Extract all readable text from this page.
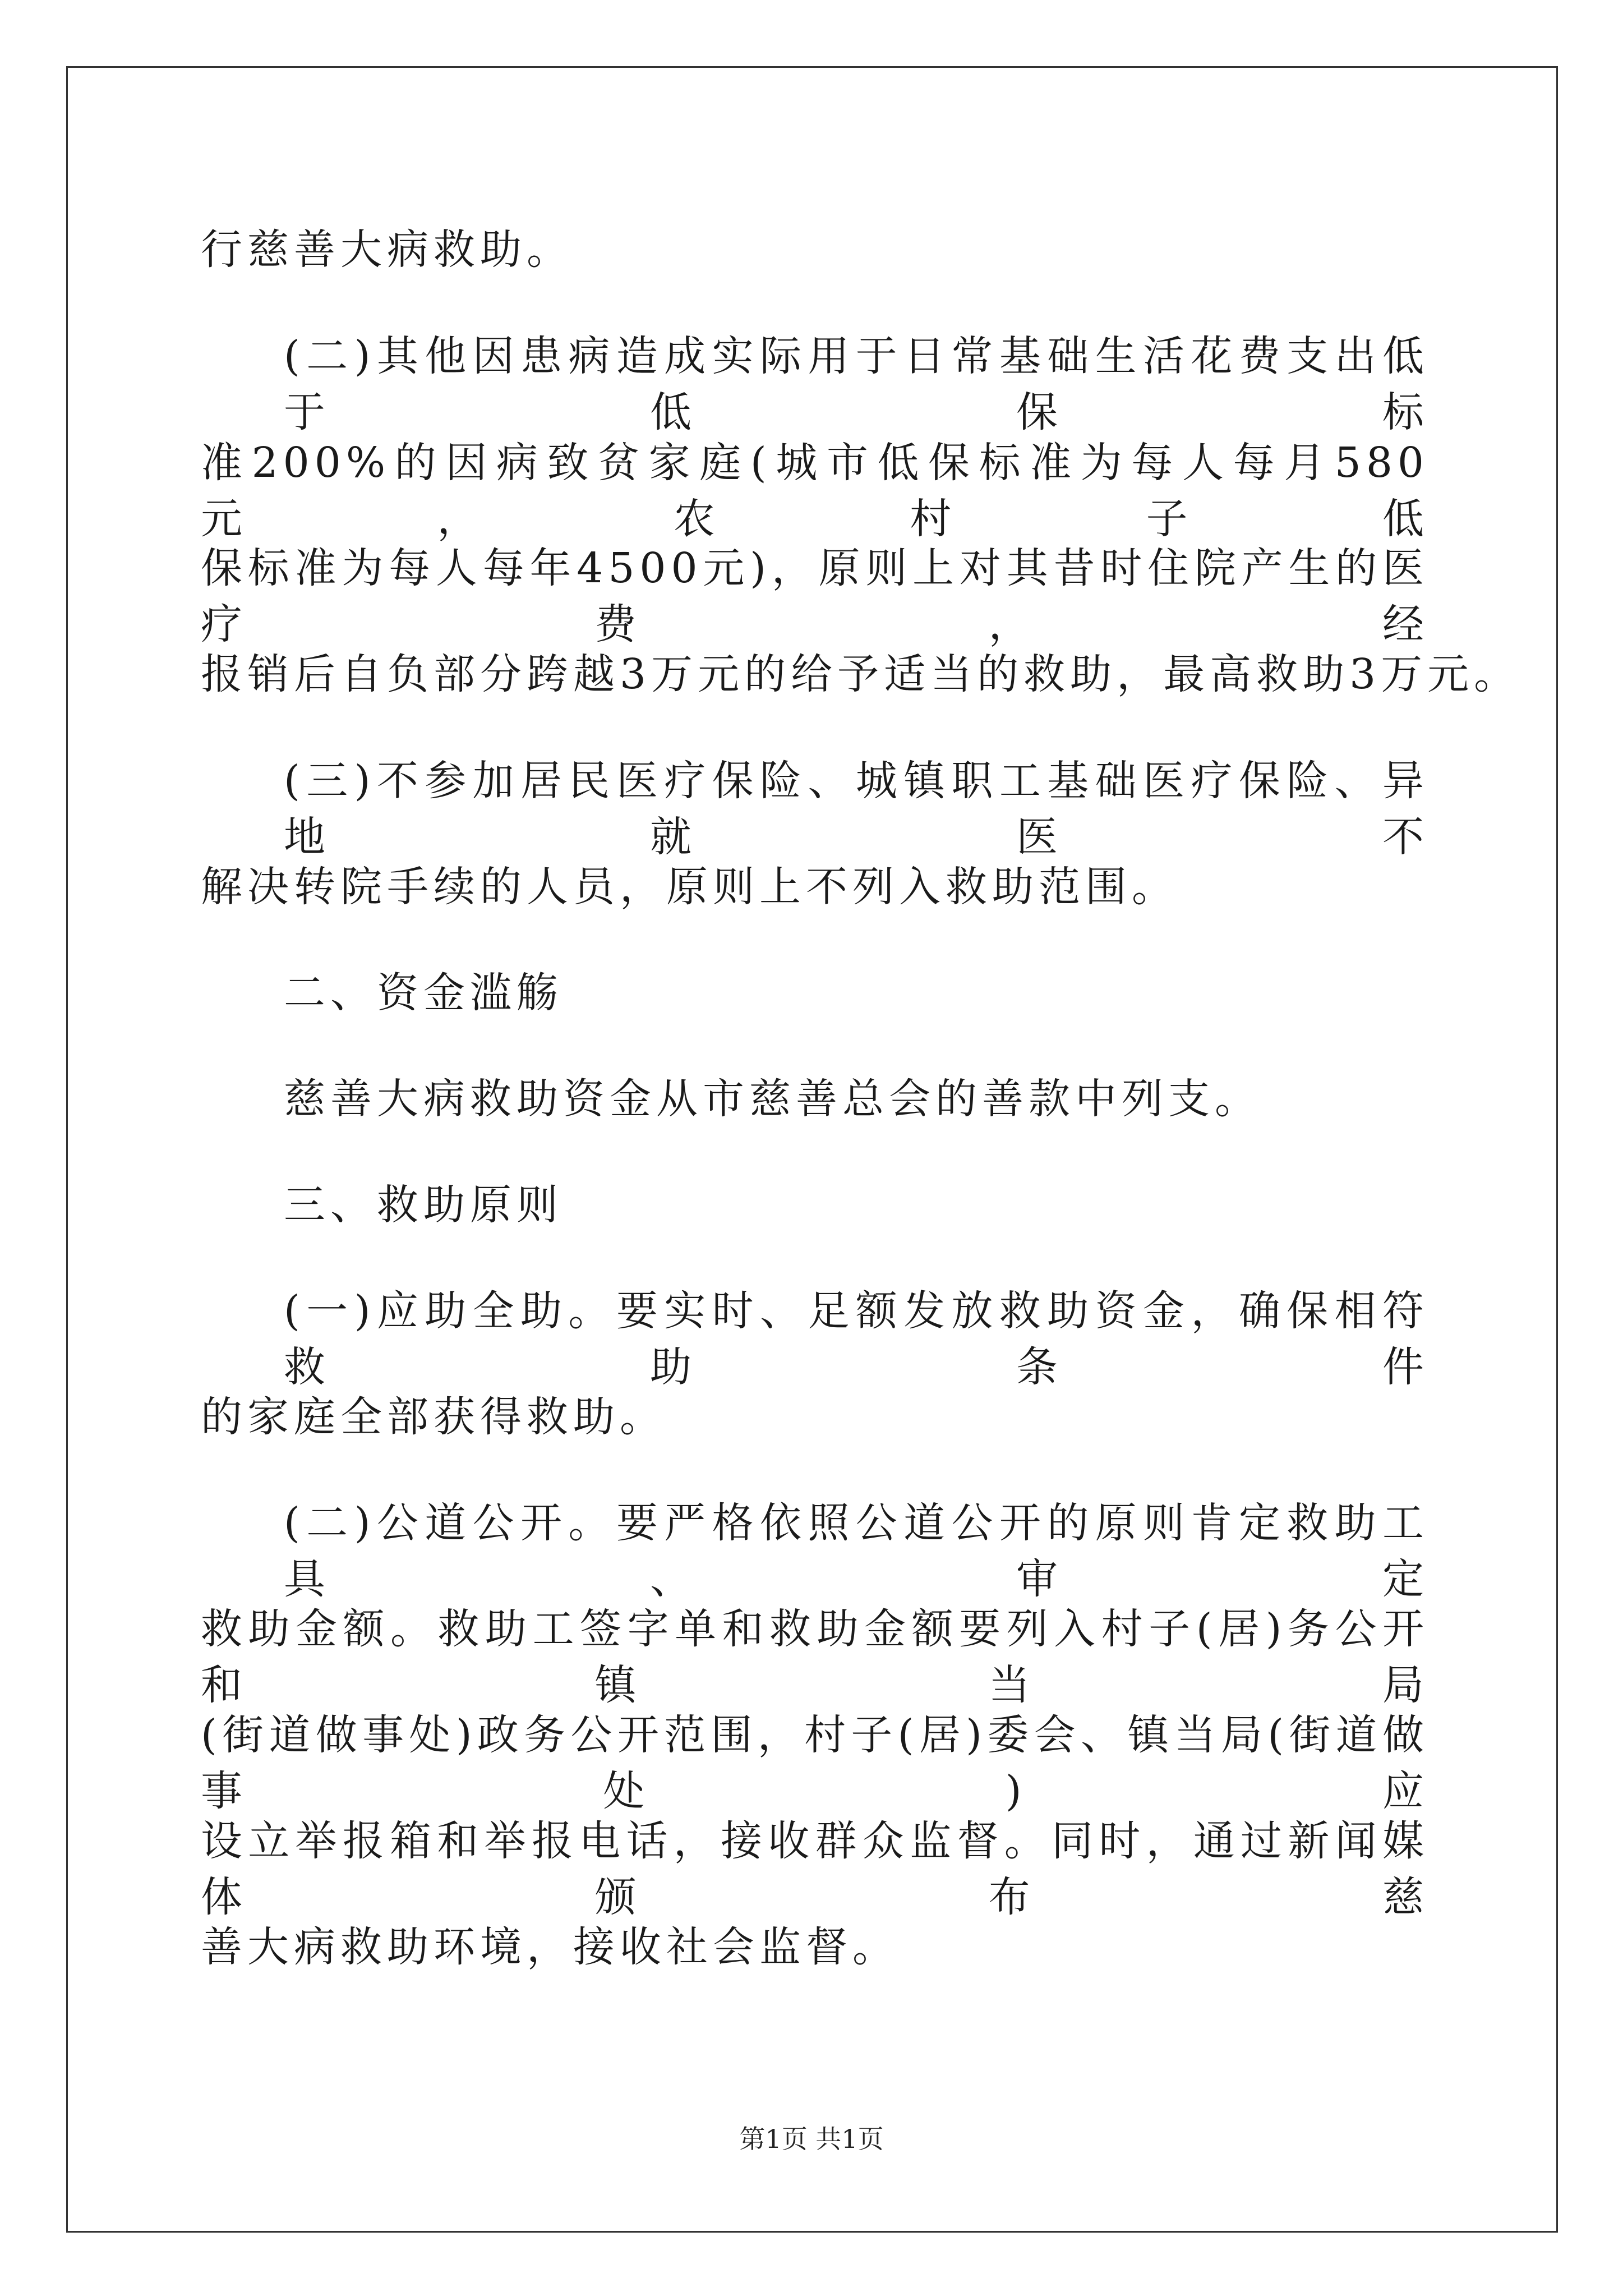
行慈善大病救助。
(二)其他因患病造成实际用于日常基础生活花费支出低于低保标
准200%的因病致贫家庭(城市低保标准为每人每月580元，农村子低
保标准为每人每年4500元)，原则上对其昔时住院产生的医疗费，经
报销后自负部分跨越3万元的给予适当的救助，最高救助3万元。
(三)不参加居民医疗保险、城镇职工基础医疗保险、异地就医不
解决转院手续的人员，原则上不列入救助范围。
二、资金滥觞
慈善大病救助资金从市慈善总会的善款中列支。
三、救助原则
(一)应助全助。要实时、足额发放救助资金，确保相符救助条件
的家庭全部获得救助。
(二)公道公开。要严格依照公道公开的原则肯定救助工具、审定
救助金额。救助工签字单和救助金额要列入村子(居)务公开和镇当局
(街道做事处)政务公开范围，村子(居)委会、镇当局(街道做事处)应
设立举报箱和举报电话，接收群众监督。同时，通过新闻媒体颁布慈
善大病救助环境，接收社会监督。
第1页 共1页
